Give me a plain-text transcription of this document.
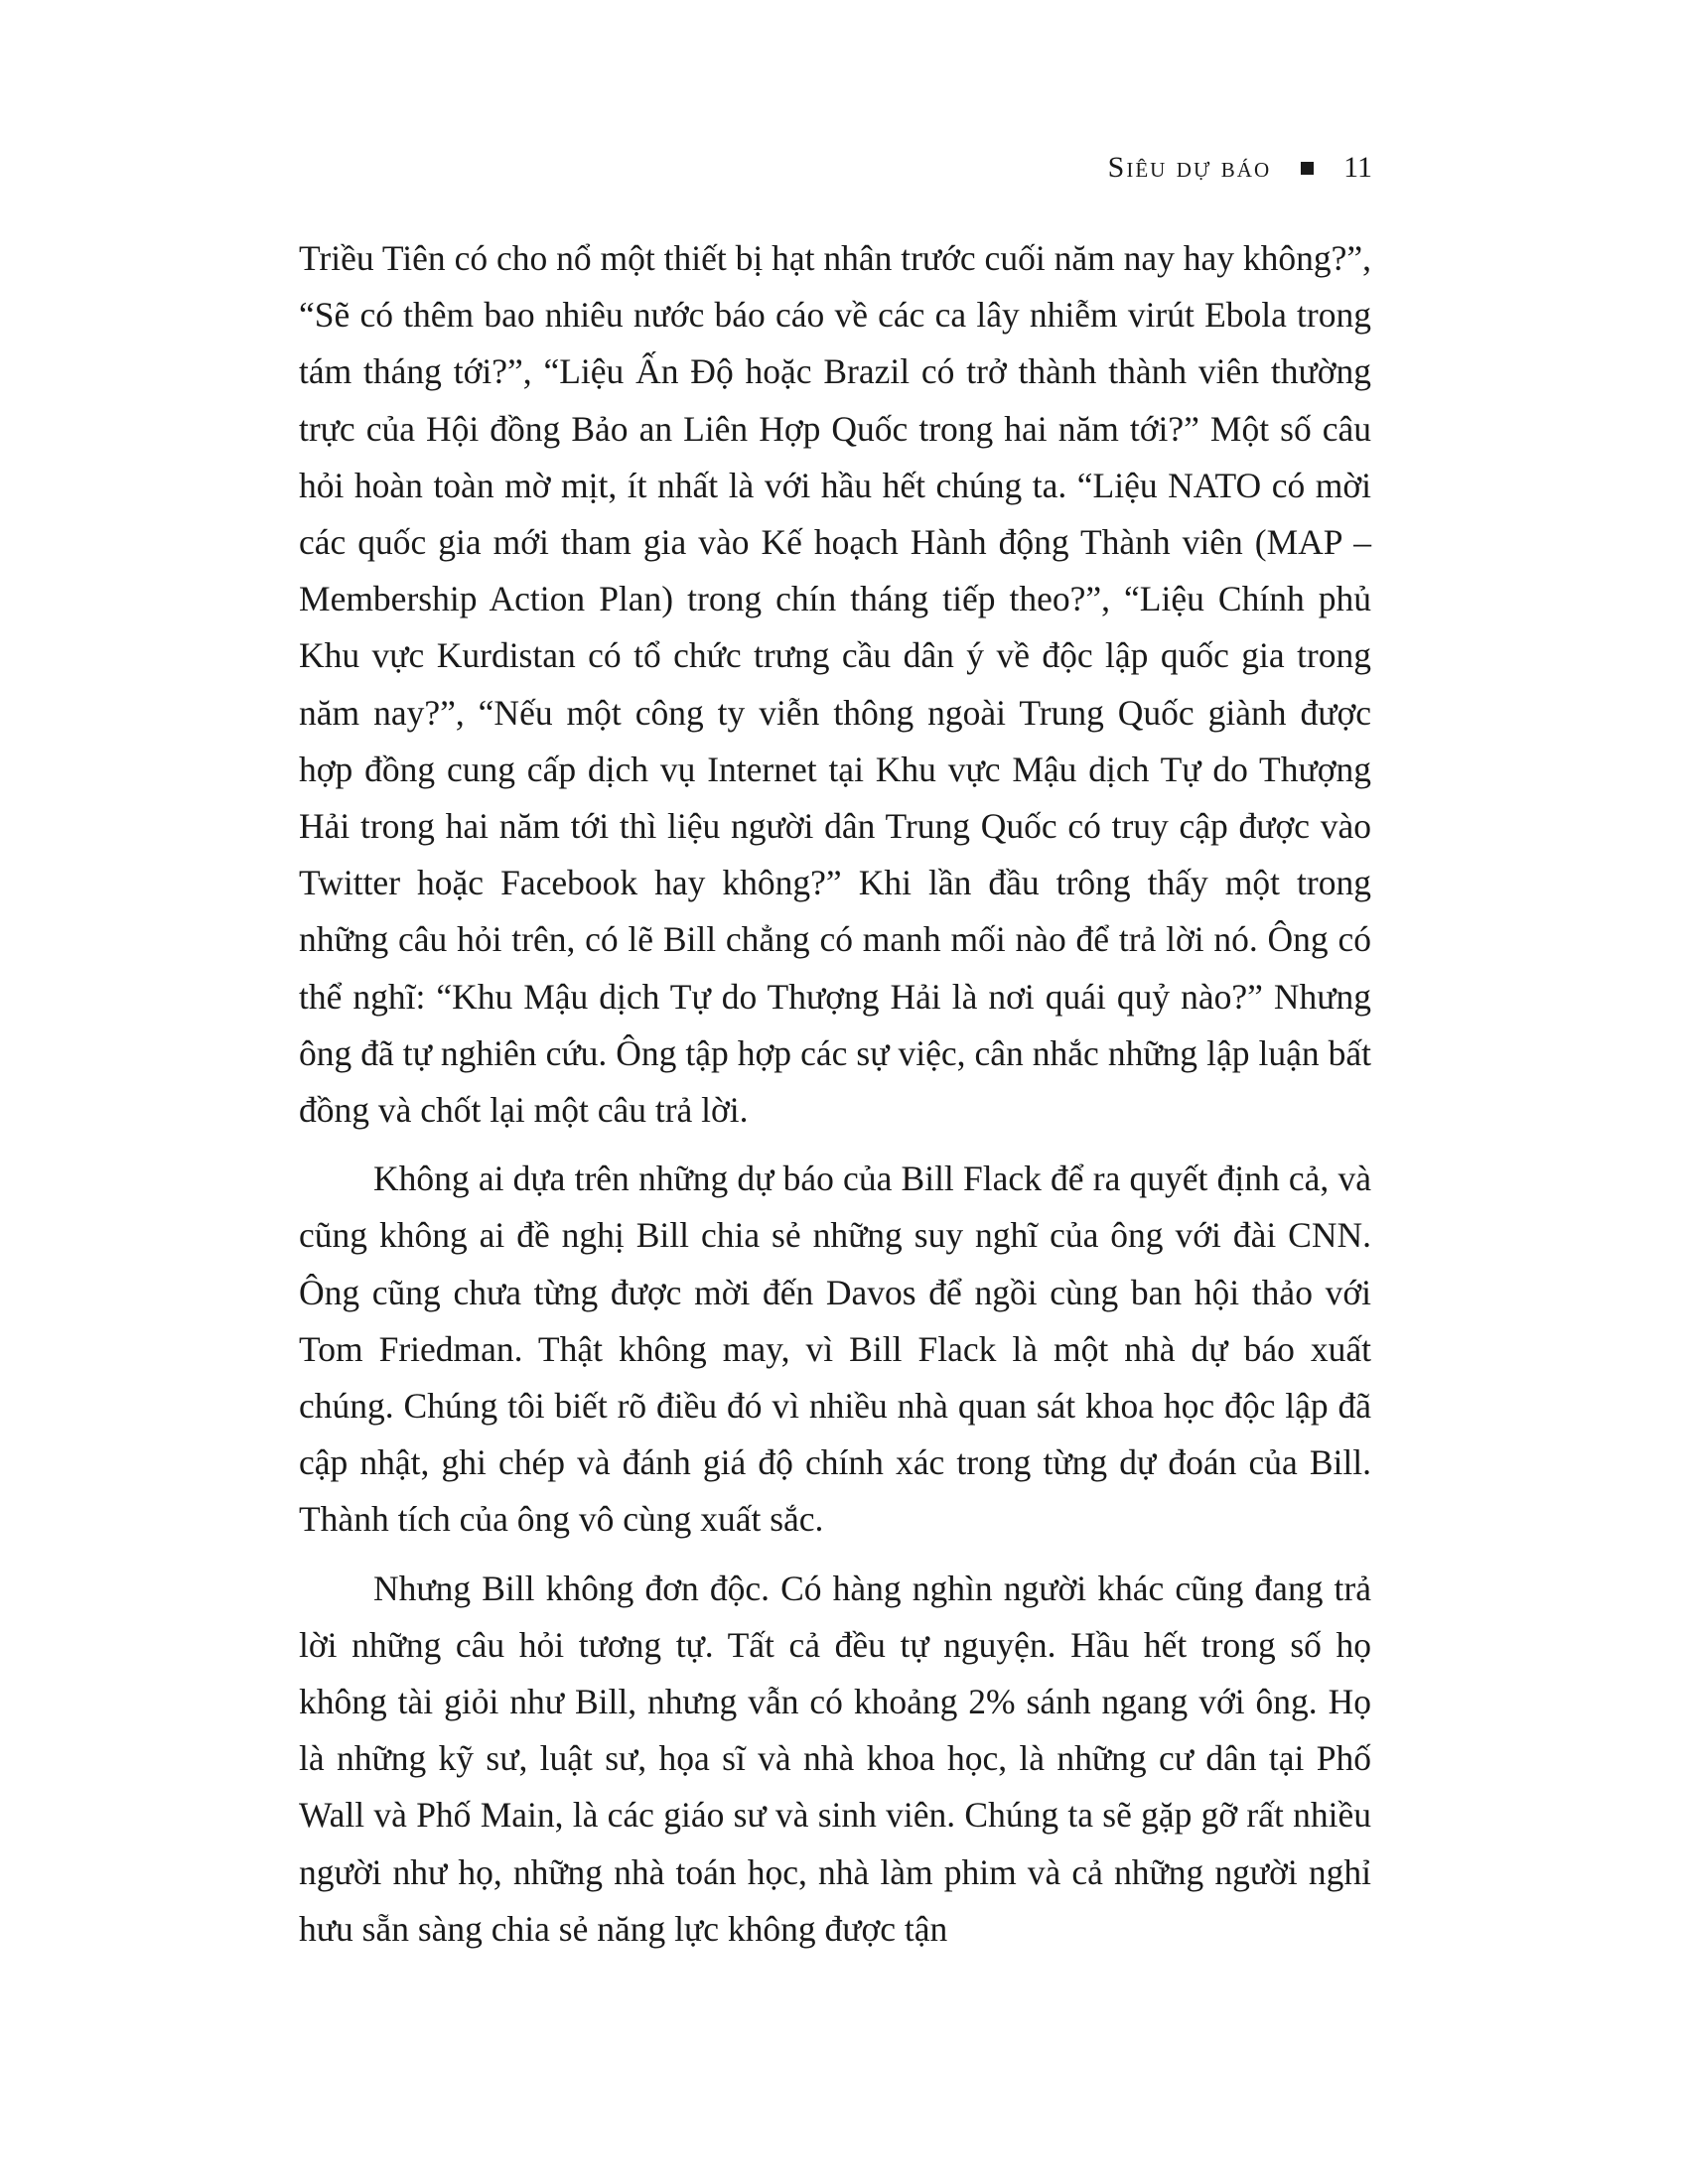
Siêu dự báo 11

Triều Tiên có cho nổ một thiết bị hạt nhân trước cuối năm nay hay không?”, “Sẽ có thêm bao nhiêu nước báo cáo về các ca lây nhiễm virút Ebola trong tám tháng tới?”, “Liệu Ấn Độ hoặc Brazil có trở thành thành viên thường trực của Hội đồng Bảo an Liên Hợp Quốc trong hai năm tới?” Một số câu hỏi hoàn toàn mờ mịt, ít nhất là với hầu hết chúng ta. “Liệu NATO có mời các quốc gia mới tham gia vào Kế hoạch Hành động Thành viên (MAP – Membership Action Plan) trong chín tháng tiếp theo?”, “Liệu Chính phủ Khu vực Kurdistan có tổ chức trưng cầu dân ý về độc lập quốc gia trong năm nay?”, “Nếu một công ty viễn thông ngoài Trung Quốc giành được hợp đồng cung cấp dịch vụ Internet tại Khu vực Mậu dịch Tự do Thượng Hải trong hai năm tới thì liệu người dân Trung Quốc có truy cập được vào Twitter hoặc Facebook hay không?” Khi lần đầu trông thấy một trong những câu hỏi trên, có lẽ Bill chẳng có manh mối nào để trả lời nó. Ông có thể nghĩ: “Khu Mậu dịch Tự do Thượng Hải là nơi quái quỷ nào?” Nhưng ông đã tự nghiên cứu. Ông tập hợp các sự việc, cân nhắc những lập luận bất đồng và chốt lại một câu trả lời.

Không ai dựa trên những dự báo của Bill Flack để ra quyết định cả, và cũng không ai đề nghị Bill chia sẻ những suy nghĩ của ông với đài CNN. Ông cũng chưa từng được mời đến Davos để ngồi cùng ban hội thảo với Tom Friedman. Thật không may, vì Bill Flack là một nhà dự báo xuất chúng. Chúng tôi biết rõ điều đó vì nhiều nhà quan sát khoa học độc lập đã cập nhật, ghi chép và đánh giá độ chính xác trong từng dự đoán của Bill. Thành tích của ông vô cùng xuất sắc.

Nhưng Bill không đơn độc. Có hàng nghìn người khác cũng đang trả lời những câu hỏi tương tự. Tất cả đều tự nguyện. Hầu hết trong số họ không tài giỏi như Bill, nhưng vẫn có khoảng 2% sánh ngang với ông. Họ là những kỹ sư, luật sư, họa sĩ và nhà khoa học, là những cư dân tại Phố Wall và Phố Main, là các giáo sư và sinh viên. Chúng ta sẽ gặp gỡ rất nhiều người như họ, những nhà toán học, nhà làm phim và cả những người nghỉ hưu sẵn sàng chia sẻ năng lực không được tận
